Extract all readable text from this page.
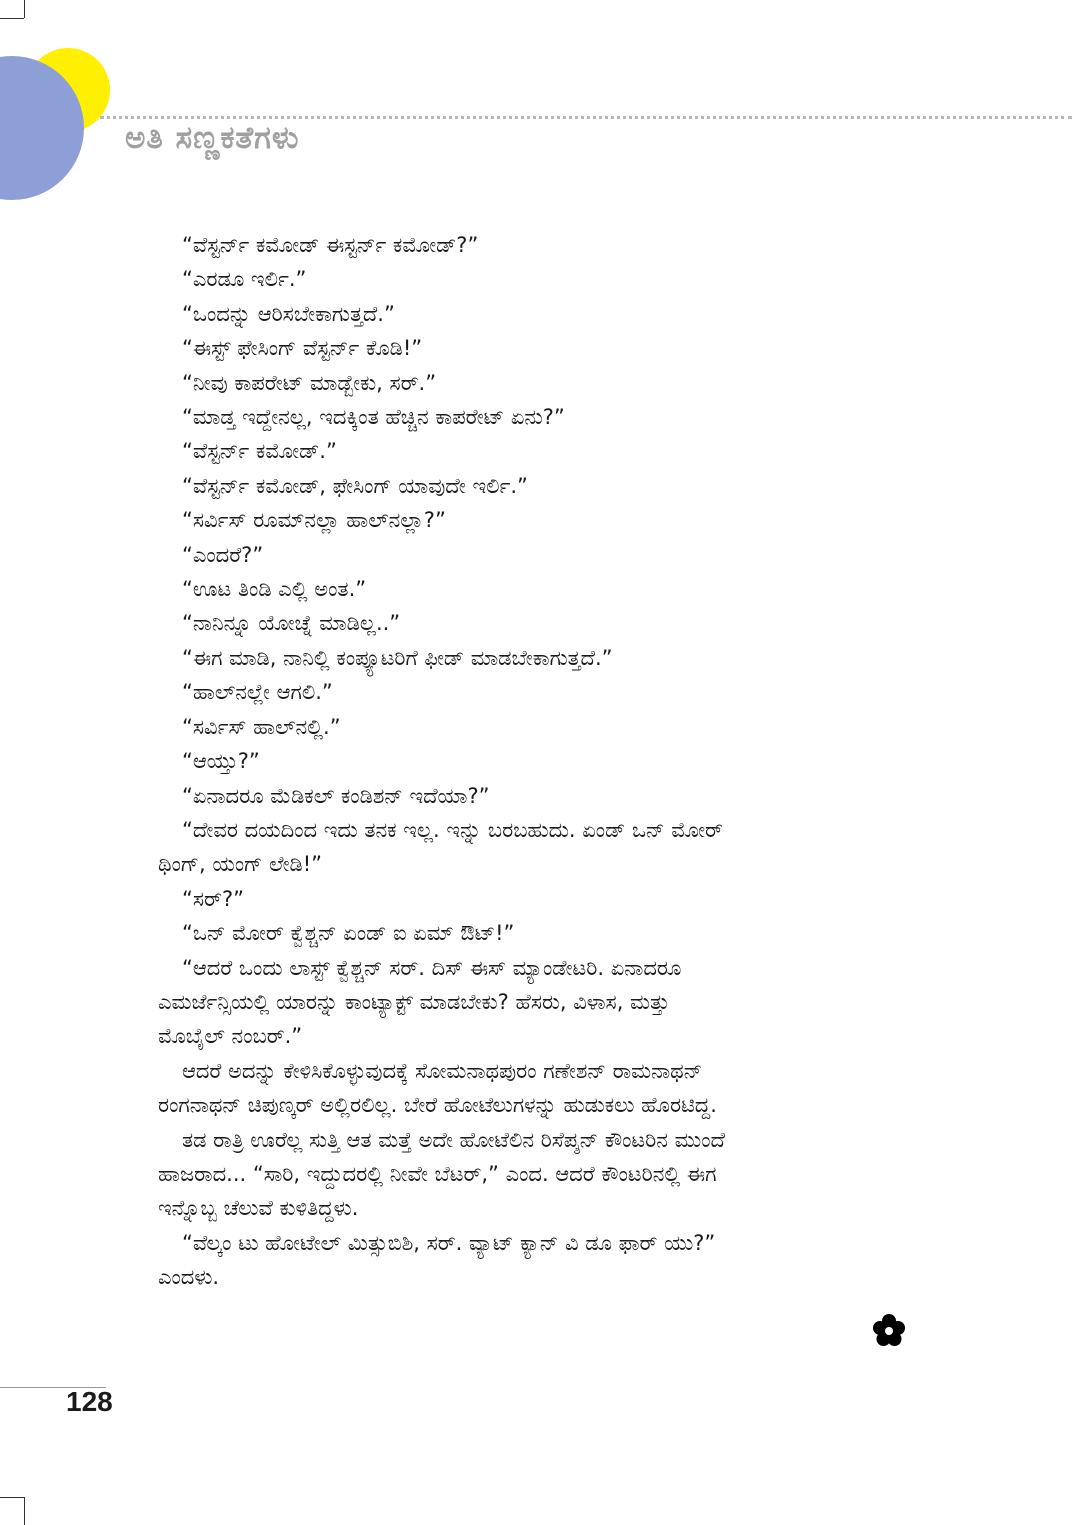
ಅತಿ ಸಣ್ಣಕತೆಗಳು
“ವೆಸ್ಟರ್ನ್ ಕಮೋಡ್ ಈಸ್ಟರ್ನ್ ಕಮೋಡ್?”
“ಎರಡೂ ಇರ್ಲಿ.”
“ಒಂದನ್ನು ಆರಿಸಬೇಕಾಗುತ್ತದೆ.”
“ಈಸ್ಟ್ ಫೇಸಿಂಗ್ ವೆಸ್ಟರ್ನ್ ಕೊಡಿ!”
“ನೀವು ಕಾಪರೇಟ್ ಮಾಡ್ಬೇಕು, ಸರ್.”
“ಮಾಡ್ತ ಇದ್ದೇನಲ್ಲ, ಇದಕ್ಕಿಂತ ಹೆಚ್ಚಿನ ಕಾಪರೇಟ್ ಏನು?”
“ವೆಸ್ಟರ್ನ್ ಕಮೋಡ್.”
“ವೆಸ್ಟರ್ನ್ ಕಮೋಡ್, ಫೇಸಿಂಗ್ ಯಾವುದೇ ಇರ್ಲಿ.”
“ಸರ್ವಿಸ್ ರೂಮ್‌ನಲ್ಲಾ ಹಾಲ್‌ನಲ್ಲಾ?”
“ಎಂದರೆ?”
“ಊಟ ತಿಂಡಿ ಎಲ್ಲಿ ಅಂತ.”
“ನಾನಿನ್ನೂ ಯೋಚ್ನೆ ಮಾಡಿಲ್ಲ..”
“ಈಗ ಮಾಡಿ, ನಾನಿಲ್ಲಿ ಕಂಪ್ಯೂಟರಿಗೆ ಫೀಡ್ ಮಾಡಬೇಕಾಗುತ್ತದೆ.”
“ಹಾಲ್‌ನಲ್ಲೇ ಆಗಲಿ.”
“ಸರ್ವಿಸ್ ಹಾಲ್‌ನಲ್ಲಿ.”
“ಆಯ್ತು?”
“ಏನಾದರೂ ಮೆಡಿಕಲ್ ಕಂಡಿಶನ್ ಇದೆಯಾ?”
“ದೇವರ ದಯದಿಂದ ಇದು ತನಕ ಇಲ್ಲ. ಇನ್ನು ಬರಬಹುದು. ಏಂಡ್ ಒನ್ ಮೋರ್
ಥಿಂಗ್, ಯಂಗ್ ಲೇಡಿ!”
“ಸರ್?”
“ಒನ್ ಮೋರ್ ಕ್ವೆಶ್ಚನ್ ಏಂಡ್ ಐ ಏಮ್ ಔಟ್!”
“ಆದರೆ ಒಂದು ಲಾಸ್ಟ್ ಕ್ವೆಶ್ಚನ್ ಸರ್. ದಿಸ್ ಈಸ್ ಮ್ಯಾಂಡೇಟರಿ. ಏನಾದರೂ
ಎಮರ್ಜೆನ್ಸಿಯಲ್ಲಿ ಯಾರನ್ನು ಕಾಂಟ್ಯಾಕ್ಟ್ ಮಾಡಬೇಕು? ಹೆಸರು, ವಿಳಾಸ, ಮತ್ತು
ಮೊಬೈಲ್ ನಂಬರ್.”
ಆದರೆ ಅದನ್ನು ಕೇಳಿಸಿಕೊಳ್ಳುವುದಕ್ಕೆ ಸೋಮನಾಥಪುರಂ ಗಣೇಶನ್ ರಾಮನಾಥನ್
ರಂಗನಾಥನ್ ಚಿಪುಣ್ಕರ್ ಅಲ್ಲಿರಲಿಲ್ಲ. ಬೇರೆ ಹೋಟೆಲುಗಳನ್ನು ಹುಡುಕಲು ಹೊರಟಿದ್ದ.
ತಡ ರಾತ್ರಿ ಊರೆಲ್ಲ ಸುತ್ತಿ ಆತ ಮತ್ತೆ ಅದೇ ಹೋಟೆಲಿನ ರಿಸೆಪ್ಶನ್ ಕೌಂಟರಿನ ಮುಂದೆ
ಹಾಜರಾದ... “ಸಾರಿ, ಇದ್ದುದರಲ್ಲಿ ನೀವೇ ಬೆಟರ್,” ಎಂದ. ಆದರೆ ಕೌಂಟರಿನಲ್ಲಿ ಈಗ
ಇನ್ನೊಬ್ಬ ಚೆಲುವೆ ಕುಳಿತಿದ್ದಳು.
“ವೆಲ್ಕಂ ಟು ಹೋಟೇಲ್ ಮಿತ್ಸುಬಿಶಿ, ಸರ್. ವ್ಯಾಟ್ ಕ್ಯಾನ್ ವಿ ಡೂ ಫಾರ್ ಯು?”
ಎಂದಳು.
128
